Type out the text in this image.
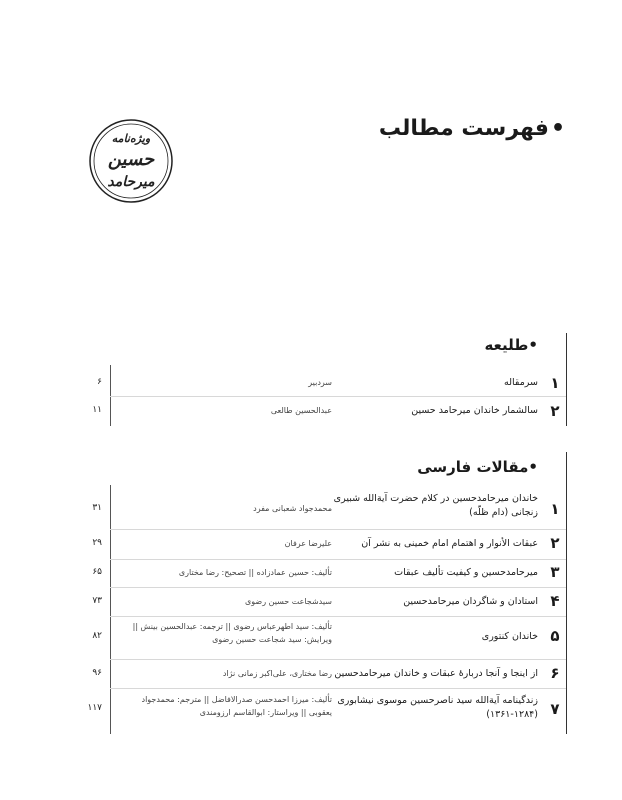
•فهرست مطالب
ویژه‌نامه
حسین
میرحامد
•طلیعه
۱
سرمقاله
سردبیر
۶
۲
سالشمار خاندان میرحامد حسین
عبدالحسین طالعی
۱۱
•مقالات فارسی
۱
خاندان میرحامدحسین در کلام حضرت آیة‌الله شبیری زنجانی (دام ظلّه)
محمدجواد شعبانی مفرد
۳۱
۲
عبقات الأنوار و اهتمام امام خمینی به نشر آن
علیرضا عرفان
۲۹
۳
میرحامدحسین و کیفیت تألیف عبقات
تألیف: حسین عمادزاده || تصحیح: رضا مختاری
۶۵
۴
استادان و شاگردان میرحامدحسین
سیدشجاعت حسین رضوی
۷۳
۵
خاندان کنتوری
تألیف: سید اطهرعباس رضوی || ترجمه: عبدالحسین بینش || ویرایش: سید شجاعت حسین رضوی
۸۲
۶
از اینجا و آنجا دربارهٔ عبقات و خاندان میرحامدحسین
رضا مختاری، علی‌اکبر زمانی نژاد
۹۶
۷
زندگینامه آیة‌الله سید ناصرحسین موسوی نیشابوری (۱۲۸۴-۱۳۶۱)
تألیف: میرزا احمدحسن صدرالافاضل || مترجم: محمدجواد یعقوبی || ویراستار: ابوالقاسم ارزومندی
۱۱۷
